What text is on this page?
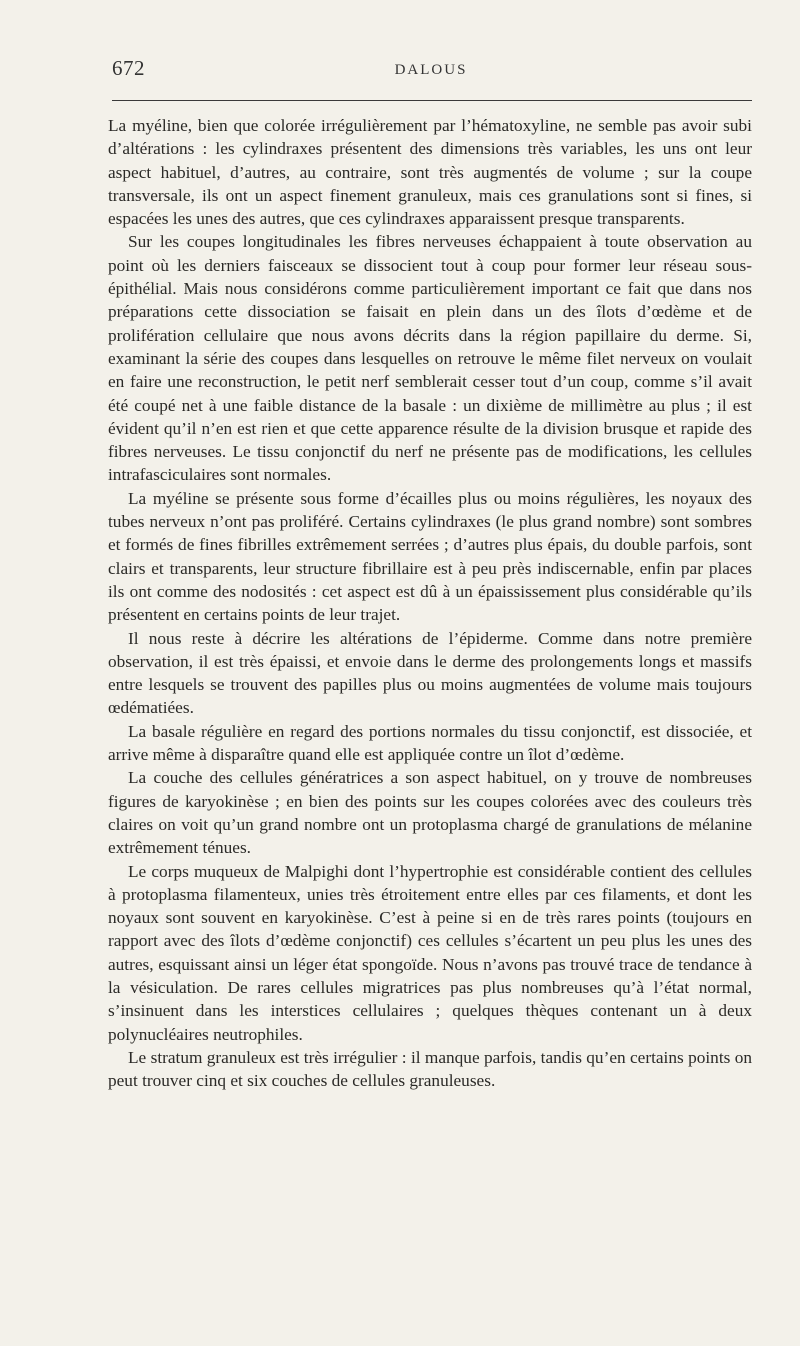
672	DALOUS

La myéline, bien que colorée irrégulièrement par l’hématoxyline, ne semble pas avoir subi d’altérations : les cylindraxes présentent des dimensions très variables, les uns ont leur aspect habituel, d’autres, au contraire, sont très augmentés de volume ; sur la coupe transversale, ils ont un aspect finement granuleux, mais ces granulations sont si fines, si espacées les unes des autres, que ces cylindraxes apparaissent presque transparents.

Sur les coupes longitudinales les fibres nerveuses échappaient à toute observation au point où les derniers faisceaux se dissocient tout à coup pour former leur réseau sous-épithélial. Mais nous considérons comme particulièrement important ce fait que dans nos préparations cette dissociation se faisait en plein dans un des îlots d’œdème et de prolifération cellulaire que nous avons décrits dans la région papillaire du derme. Si, examinant la série des coupes dans lesquelles on retrouve le même filet nerveux on voulait en faire une reconstruction, le petit nerf semblerait cesser tout d’un coup, comme s’il avait été coupé net à une faible distance de la basale : un dixième de millimètre au plus ; il est évident qu’il n’en est rien et que cette apparence résulte de la division brusque et rapide des fibres nerveuses. Le tissu conjonctif du nerf ne présente pas de modifications, les cellules intrafasciculaires sont normales.

La myéline se présente sous forme d’écailles plus ou moins régulières, les noyaux des tubes nerveux n’ont pas proliféré. Certains cylindraxes (le plus grand nombre) sont sombres et formés de fines fibrilles extrêmement serrées ; d’autres plus épais, du double parfois, sont clairs et transparents, leur structure fibrillaire est à peu près indiscernable, enfin par places ils ont comme des nodosités : cet aspect est dû à un épaississement plus considérable qu’ils présentent en certains points de leur trajet.

Il nous reste à décrire les altérations de l’épiderme. Comme dans notre première observation, il est très épaissi, et envoie dans le derme des prolongements longs et massifs entre lesquels se trouvent des papilles plus ou moins augmentées de volume mais toujours œdématiées.

La basale régulière en regard des portions normales du tissu conjonctif, est dissociée, et arrive même à disparaître quand elle est appliquée contre un îlot d’œdème.

La couche des cellules génératrices a son aspect habituel, on y trouve de nombreuses figures de karyokinèse ; en bien des points sur les coupes colorées avec des couleurs très claires on voit qu’un grand nombre ont un protoplasma chargé de granulations de mélanine extrêmement ténues.

Le corps muqueux de Malpighi dont l’hypertrophie est considérable contient des cellules à protoplasma filamenteux, unies très étroitement entre elles par ces filaments, et dont les noyaux sont souvent en karyokinèse. C’est à peine si en de très rares points (toujours en rapport avec des îlots d’œdème conjonctif) ces cellules s’écartent un peu plus les unes des autres, esquissant ainsi un léger état spongoïde. Nous n’avons pas trouvé trace de tendance à la vésiculation. De rares cellules migratrices pas plus nombreuses qu’à l’état normal, s’insinuent dans les interstices cellulaires ; quelques thèques contenant un à deux polynucléaires neutrophiles.

Le stratum granuleux est très irrégulier : il manque parfois, tandis qu’en certains points on peut trouver cinq et six couches de cellules granuleuses.
